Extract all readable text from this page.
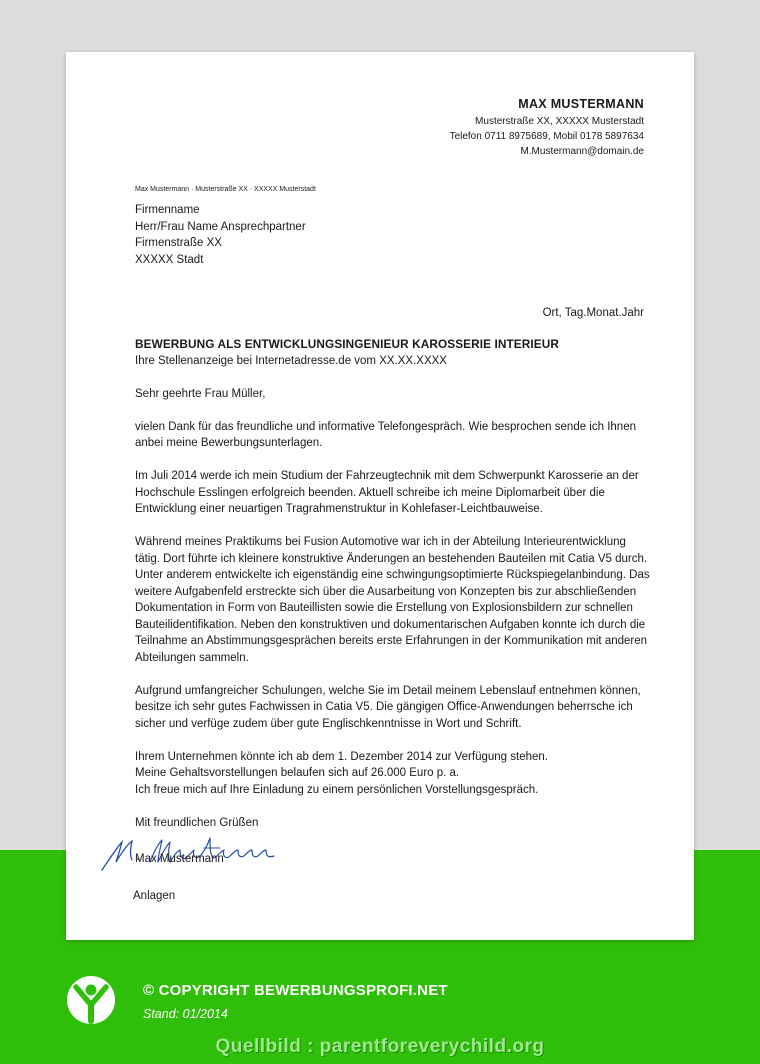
MAX MUSTERMANN
Musterstraße XX, XXXXX Musterstadt
Telefon 0711 8975689, Mobil 0178 5897634
M.Mustermann@domain.de
Max Mustermann · Musterstraße XX · XXXXX Musterstadt
Firmenname
Herr/Frau Name Ansprechpartner
Firmenstraße XX
XXXXX Stadt
Ort, Tag.Monat.Jahr
BEWERBUNG ALS ENTWICKLUNGSINGENIEUR KAROSSERIE INTERIEUR
Ihre Stellenanzeige bei Internetadresse.de vom XX.XX.XXXX
Sehr geehrte Frau Müller,
vielen Dank für das freundliche und informative Telefongespräch. Wie besprochen sende ich Ihnen anbei meine Bewerbungsunterlagen.
Im Juli 2014 werde ich mein Studium der Fahrzeugtechnik mit dem Schwerpunkt Karosserie an der Hochschule Esslingen erfolgreich beenden. Aktuell schreibe ich meine Diplomarbeit über die Entwicklung einer neuartigen Tragrahmenstruktur in Kohlefaser-Leichtbauweise.
Während meines Praktikums bei Fusion Automotive war ich in der Abteilung Interieurentwicklung tätig. Dort führte ich kleinere konstruktive Änderungen an bestehenden Bauteilen mit Catia V5 durch. Unter anderem entwickelte ich eigenständig eine schwingungsoptimierte Rückspiegelanbindung. Das weitere Aufgabenfeld erstreckte sich über die Ausarbeitung von Konzepten bis zur abschließenden Dokumentation in Form von Bauteillisten sowie die Erstellung von Explosionsbildern zur schnellen Bauteilidentifikation. Neben den konstruktiven und dokumentarischen Aufgaben konnte ich durch die Teilnahme an Abstimmungsgesprächen bereits erste Erfahrungen in der Kommunikation mit anderen Abteilungen sammeln.
Aufgrund umfangreicher Schulungen, welche Sie im Detail meinem Lebenslauf entnehmen können, besitze ich sehr gutes Fachwissen in Catia V5. Die gängigen Office-Anwendungen beherrsche ich sicher und verfüge zudem über gute Englischkenntnisse in Wort und Schrift.
Ihrem Unternehmen könnte ich ab dem 1. Dezember 2014 zur Verfügung stehen.
Meine Gehaltsvorstellungen belaufen sich auf 26.000 Euro p. a.
Ich freue mich auf Ihre Einladung zu einem persönlichen Vorstellungsgespräch.
Mit freundlichen Grüßen
Max Mustermann
Anlagen
© COPYRIGHT BEWERBUNGSPROFI.NET
Stand: 01/2014
Quellbild : parentforeverychild.org
